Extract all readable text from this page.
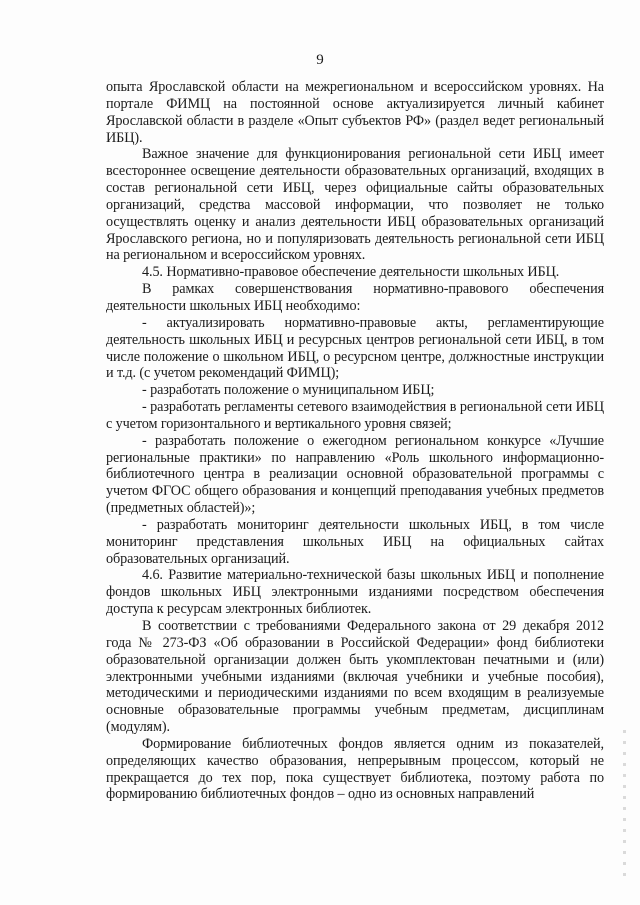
9

опыта Ярославской области на межрегиональном и всероссийском уровнях. На портале ФИМЦ на постоянной основе актуализируется личный кабинет Ярославской области в разделе «Опыт субъектов РФ» (раздел ведет региональный ИБЦ).

Важное значение для функционирования региональной сети ИБЦ имеет всестороннее освещение деятельности образовательных организаций, входящих в состав региональной сети ИБЦ, через официальные сайты образовательных организаций, средства массовой информации, что позволяет не только осуществлять оценку и анализ деятельности ИБЦ образовательных организаций Ярославского региона, но и популяризовать деятельность региональной сети ИБЦ на региональном и всероссийском уровнях.

4.5. Нормативно-правовое обеспечение деятельности школьных ИБЦ.

В рамках совершенствования нормативно-правового обеспечения деятельности школьных ИБЦ необходимо:

- актуализировать нормативно-правовые акты, регламентирующие деятельность школьных ИБЦ и ресурсных центров региональной сети ИБЦ, в том числе положение о школьном ИБЦ, о ресурсном центре, должностные инструкции и т.д. (с учетом рекомендаций ФИМЦ);

- разработать положение о муниципальном ИБЦ;

- разработать регламенты сетевого взаимодействия в региональной сети ИБЦ с учетом горизонтального и вертикального уровня связей;

- разработать положение о ежегодном региональном конкурсе «Лучшие региональные практики» по направлению «Роль школьного информационно-библиотечного центра в реализации основной образовательной программы с учетом ФГОС общего образования и концепций преподавания учебных предметов (предметных областей)»;

- разработать мониторинг деятельности школьных ИБЦ, в том числе мониторинг представления школьных ИБЦ на официальных сайтах образовательных организаций.

4.6. Развитие материально-технической базы школьных ИБЦ и пополнение фондов школьных ИБЦ электронными изданиями посредством обеспечения доступа к ресурсам электронных библиотек.

В соответствии с требованиями Федерального закона от 29 декабря 2012 года № 273-ФЗ «Об образовании в Российской Федерации» фонд библиотеки образовательной организации должен быть укомплектован печатными и (или) электронными учебными изданиями (включая учебники и учебные пособия), методическими и периодическими изданиями по всем входящим в реализуемые основные образовательные программы учебным предметам, дисциплинам (модулям).

Формирование библиотечных фондов является одним из показателей, определяющих качество образования, непрерывным процессом, который не прекращается до тех пор, пока существует библиотека, поэтому работа по формированию библиотечных фондов – одно из основных направлений
